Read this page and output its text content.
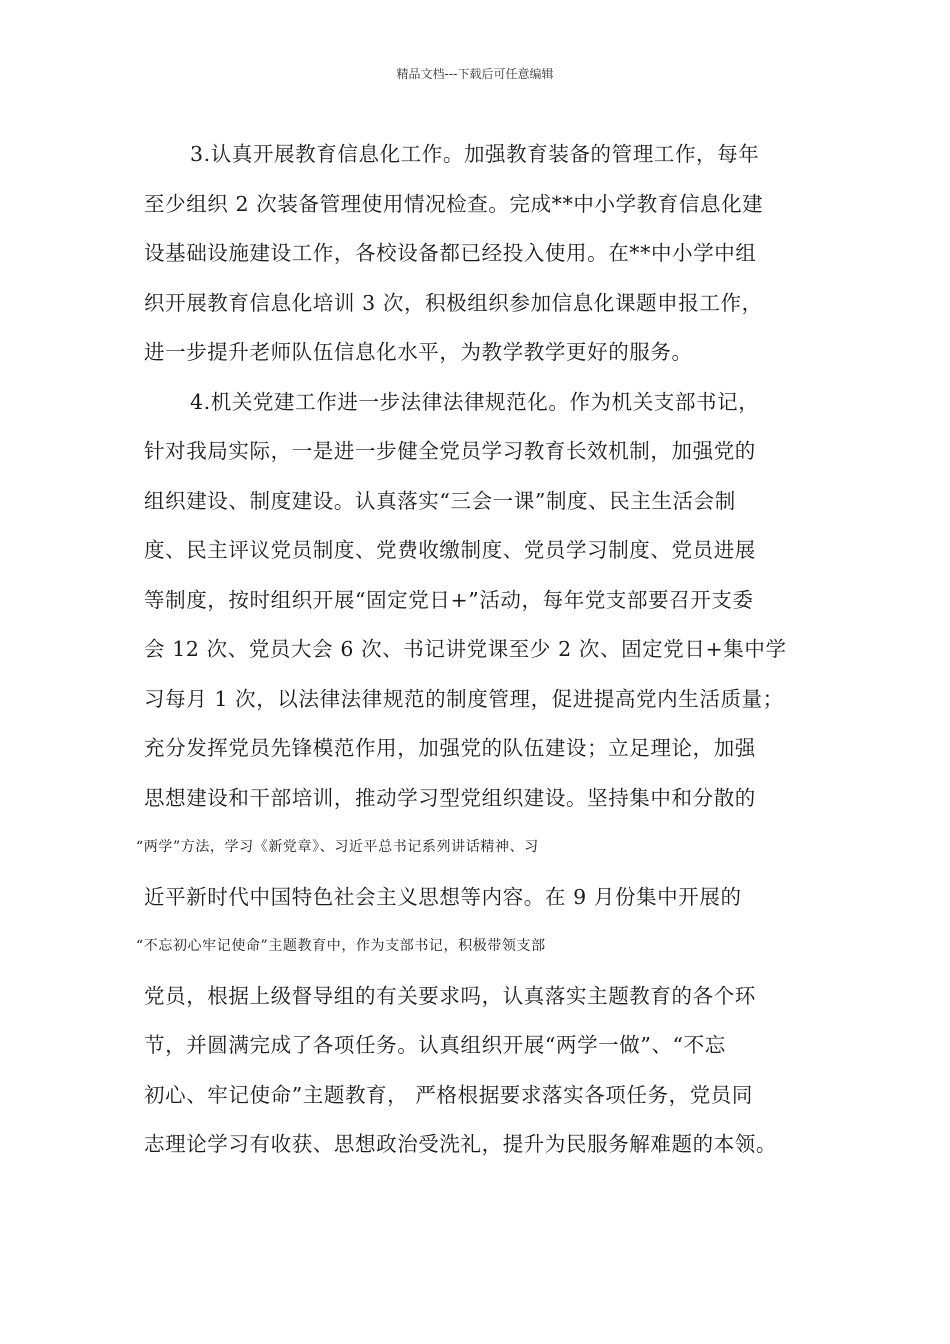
精品文档---下载后可任意编辑
3.认真开展教育信息化工作。加强教育装备的管理工作，每年
至少组织 2 次装备管理使用情况检查。完成**中小学教育信息化建
设基础设施建设工作，各校设备都已经投入使用。在**中小学中组
织开展教育信息化培训 3 次，积极组织参加信息化课题申报工作，
进一步提升老师队伍信息化水平，为教学教学更好的服务。
4.机关党建工作进一步法律法律规范化。作为机关支部书记，
针对我局实际，一是进一步健全党员学习教育长效机制，加强党的
组织建设、制度建设。认真落实“三会一课”制度、民主生活会制
度、民主评议党员制度、党费收缴制度、党员学习制度、党员进展
等制度，按时组织开展“固定党日+”活动，每年党支部要召开支委
会 12 次、党员大会 6 次、书记讲党课至少 2 次、固定党日+集中学
习每月 1 次，以法律法律规范的制度管理，促进提高党内生活质量；
充分发挥党员先锋模范作用，加强党的队伍建设；立足理论，加强
思想建设和干部培训，推动学习型党组织建设。坚持集中和分散的
“两学”方法，学习《新党章》、习近平总书记系列讲话精神、习
近平新时代中国特色社会主义思想等内容。在 9 月份集中开展的
“不忘初心牢记使命”主题教育中，作为支部书记，积极带领支部
党员，根据上级督导组的有关要求吗，认真落实主题教育的各个环
节，并圆满完成了各项任务。认真组织开展“两学一做”、“不忘
初心、牢记使命”主题教育， 严格根据要求落实各项任务，党员同
志理论学习有收获、思想政治受洗礼，提升为民服务解难题的本领。
